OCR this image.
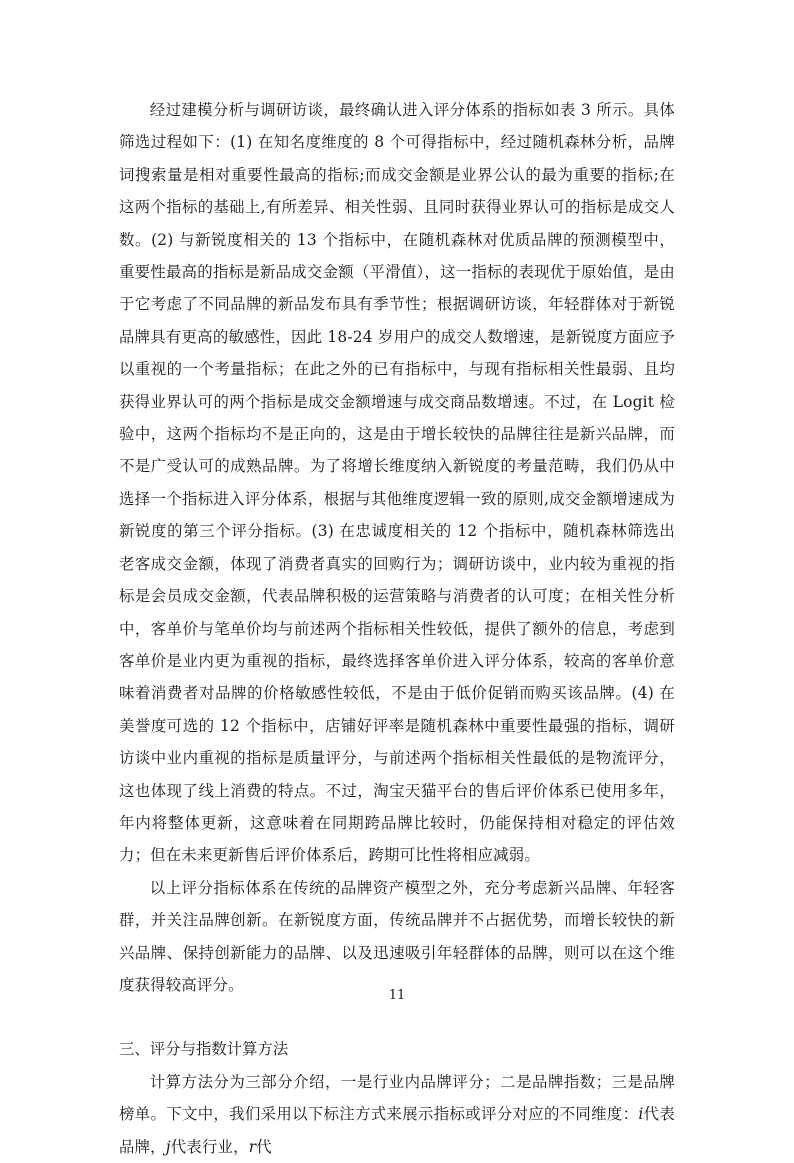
经过建模分析与调研访谈，最终确认进入评分体系的指标如表 3 所示。具体筛选过程如下：(1) 在知名度维度的 8 个可得指标中，经过随机森林分析，品牌词搜索量是相对重要性最高的指标;而成交金额是业界公认的最为重要的指标;在这两个指标的基础上,有所差异、相关性弱、且同时获得业界认可的指标是成交人数。(2) 与新锐度相关的 13 个指标中，在随机森林对优质品牌的预测模型中，重要性最高的指标是新品成交金额（平滑值），这一指标的表现优于原始值，是由于它考虑了不同品牌的新品发布具有季节性；根据调研访谈，年轻群体对于新锐品牌具有更高的敏感性，因此 18-24 岁用户的成交人数增速，是新锐度方面应予以重视的一个考量指标；在此之外的已有指标中，与现有指标相关性最弱、且均获得业界认可的两个指标是成交金额增速与成交商品数增速。不过，在 Logit 检验中，这两个指标均不是正向的，这是由于增长较快的品牌往往是新兴品牌，而不是广受认可的成熟品牌。为了将增长维度纳入新锐度的考量范畴，我们仍从中选择一个指标进入评分体系，根据与其他维度逻辑一致的原则,成交金额增速成为新锐度的第三个评分指标。(3) 在忠诚度相关的 12 个指标中，随机森林筛选出老客成交金额，体现了消费者真实的回购行为；调研访谈中，业内较为重视的指标是会员成交金额，代表品牌积极的运营策略与消费者的认可度；在相关性分析中，客单价与笔单价均与前述两个指标相关性较低，提供了额外的信息，考虑到客单价是业内更为重视的指标，最终选择客单价进入评分体系，较高的客单价意味着消费者对品牌的价格敏感性较低，不是由于低价促销而购买该品牌。(4) 在美誉度可选的 12 个指标中，店铺好评率是随机森林中重要性最强的指标，调研访谈中业内重视的指标是质量评分，与前述两个指标相关性最低的是物流评分，这也体现了线上消费的特点。不过，淘宝天猫平台的售后评价体系已使用多年，年内将整体更新，这意味着在同期跨品牌比较时，仍能保持相对稳定的评估效力；但在未来更新售后评价体系后，跨期可比性将相应减弱。

以上评分指标体系在传统的品牌资产模型之外，充分考虑新兴品牌、年轻客群，并关注品牌创新。在新锐度方面，传统品牌并不占据优势，而增长较快的新兴品牌、保持创新能力的品牌、以及迅速吸引年轻群体的品牌，则可以在这个维度获得较高评分。

三、评分与指数计算方法

计算方法分为三部分介绍，一是行业内品牌评分；二是品牌指数；三是品牌榜单。下文中，我们采用以下标注方式来展示指标或评分对应的不同维度：i代表品牌，j代表行业，r代

11
